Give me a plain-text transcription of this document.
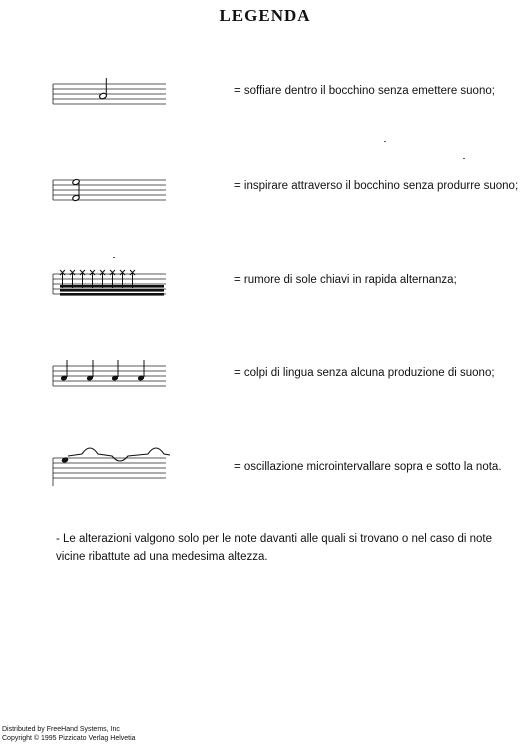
LEGENDA
= soffiare dentro il bocchino senza emettere suono;
= inspirare attraverso il bocchino senza produrre suono;
= rumore di sole chiavi in rapida alternanza;
= colpi di lingua senza alcuna produzione di suono;
= oscillazione microintervallare sopra e sotto la nota.
- Le alterazioni valgono solo per le note davanti alle quali si trovano o nel caso di note vicine ribattute ad una medesima altezza.
Distributed by FreeHand Systems, Inc
Copyright © 1995 Pizzicato Verlag Helvetia
